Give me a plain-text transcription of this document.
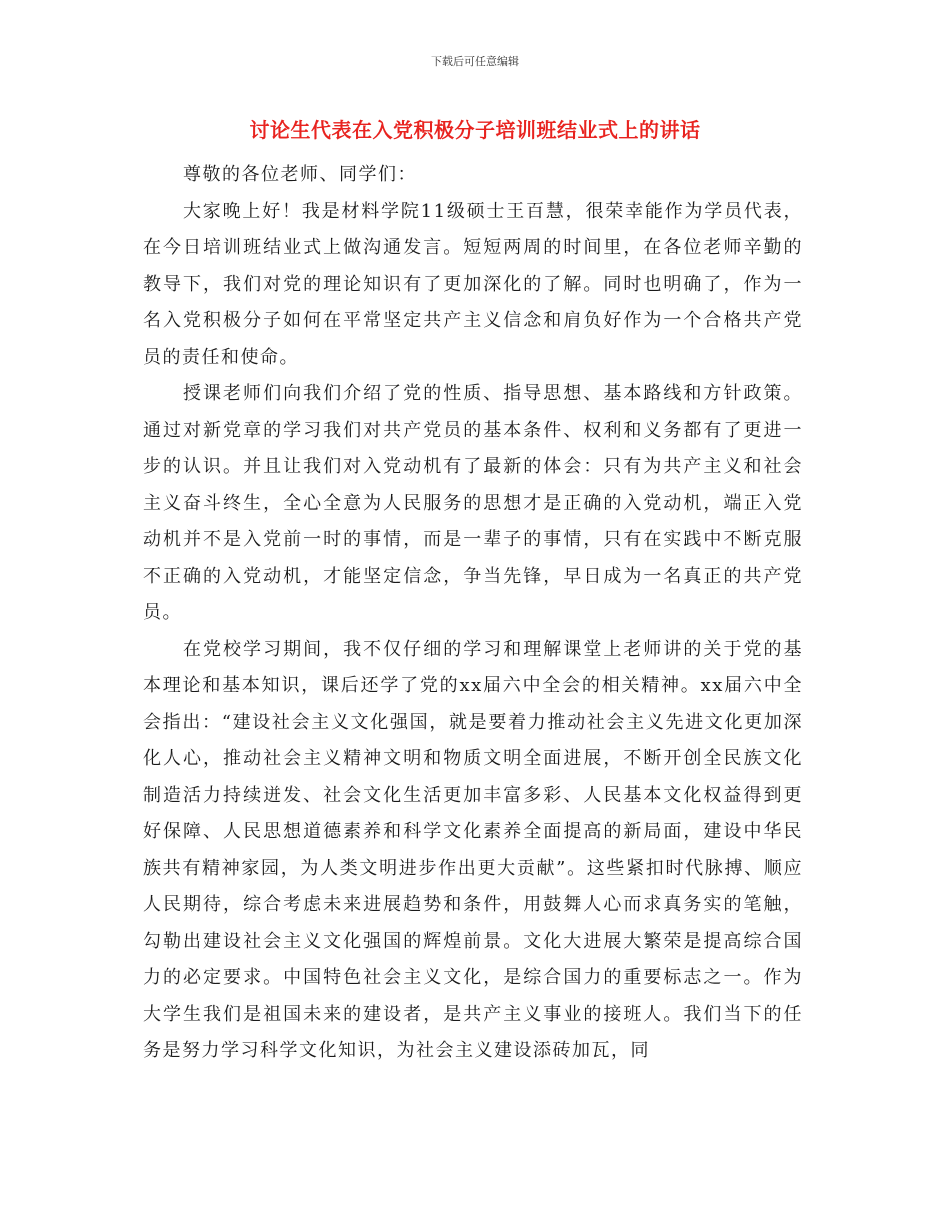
下载后可任意编辑
讨论生代表在入党积极分子培训班结业式上的讲话

尊敬的各位老师、同学们：

大家晚上好！我是材料学院11级硕士王百慧，很荣幸能作为学员代表，在今日培训班结业式上做沟通发言。短短两周的时间里，在各位老师辛勤的教导下，我们对党的理论知识有了更加深化的了解。同时也明确了，作为一名入党积极分子如何在平常坚定共产主义信念和肩负好作为一个合格共产党员的责任和使命。

授课老师们向我们介绍了党的性质、指导思想、基本路线和方针政策。通过对新党章的学习我们对共产党员的基本条件、权利和义务都有了更进一步的认识。并且让我们对入党动机有了最新的体会：只有为共产主义和社会主义奋斗终生，全心全意为人民服务的思想才是正确的入党动机，端正入党动机并不是入党前一时的事情，而是一辈子的事情，只有在实践中不断克服不正确的入党动机，才能坚定信念，争当先锋，早日成为一名真正的共产党员。

在党校学习期间，我不仅仔细的学习和理解课堂上老师讲的关于党的基本理论和基本知识，课后还学了党的xx届六中全会的相关精神。xx届六中全会指出：“建设社会主义文化强国，就是要着力推动社会主义先进文化更加深化人心，推动社会主义精神文明和物质文明全面进展，不断开创全民族文化制造活力持续迸发、社会文化生活更加丰富多彩、人民基本文化权益得到更好保障、人民思想道德素养和科学文化素养全面提高的新局面，建设中华民族共有精神家园，为人类文明进步作出更大贡献”。这些紧扣时代脉搏、顺应人民期待，综合考虑未来进展趋势和条件，用鼓舞人心而求真务实的笔触，勾勒出建设社会主义文化强国的辉煌前景。文化大进展大繁荣是提高综合国力的必定要求。中国特色社会主义文化，是综合国力的重要标志之一。作为大学生我们是祖国未来的建设者，是共产主义事业的接班人。我们当下的任务是努力学习科学文化知识，为社会主义建设添砖加瓦，同
